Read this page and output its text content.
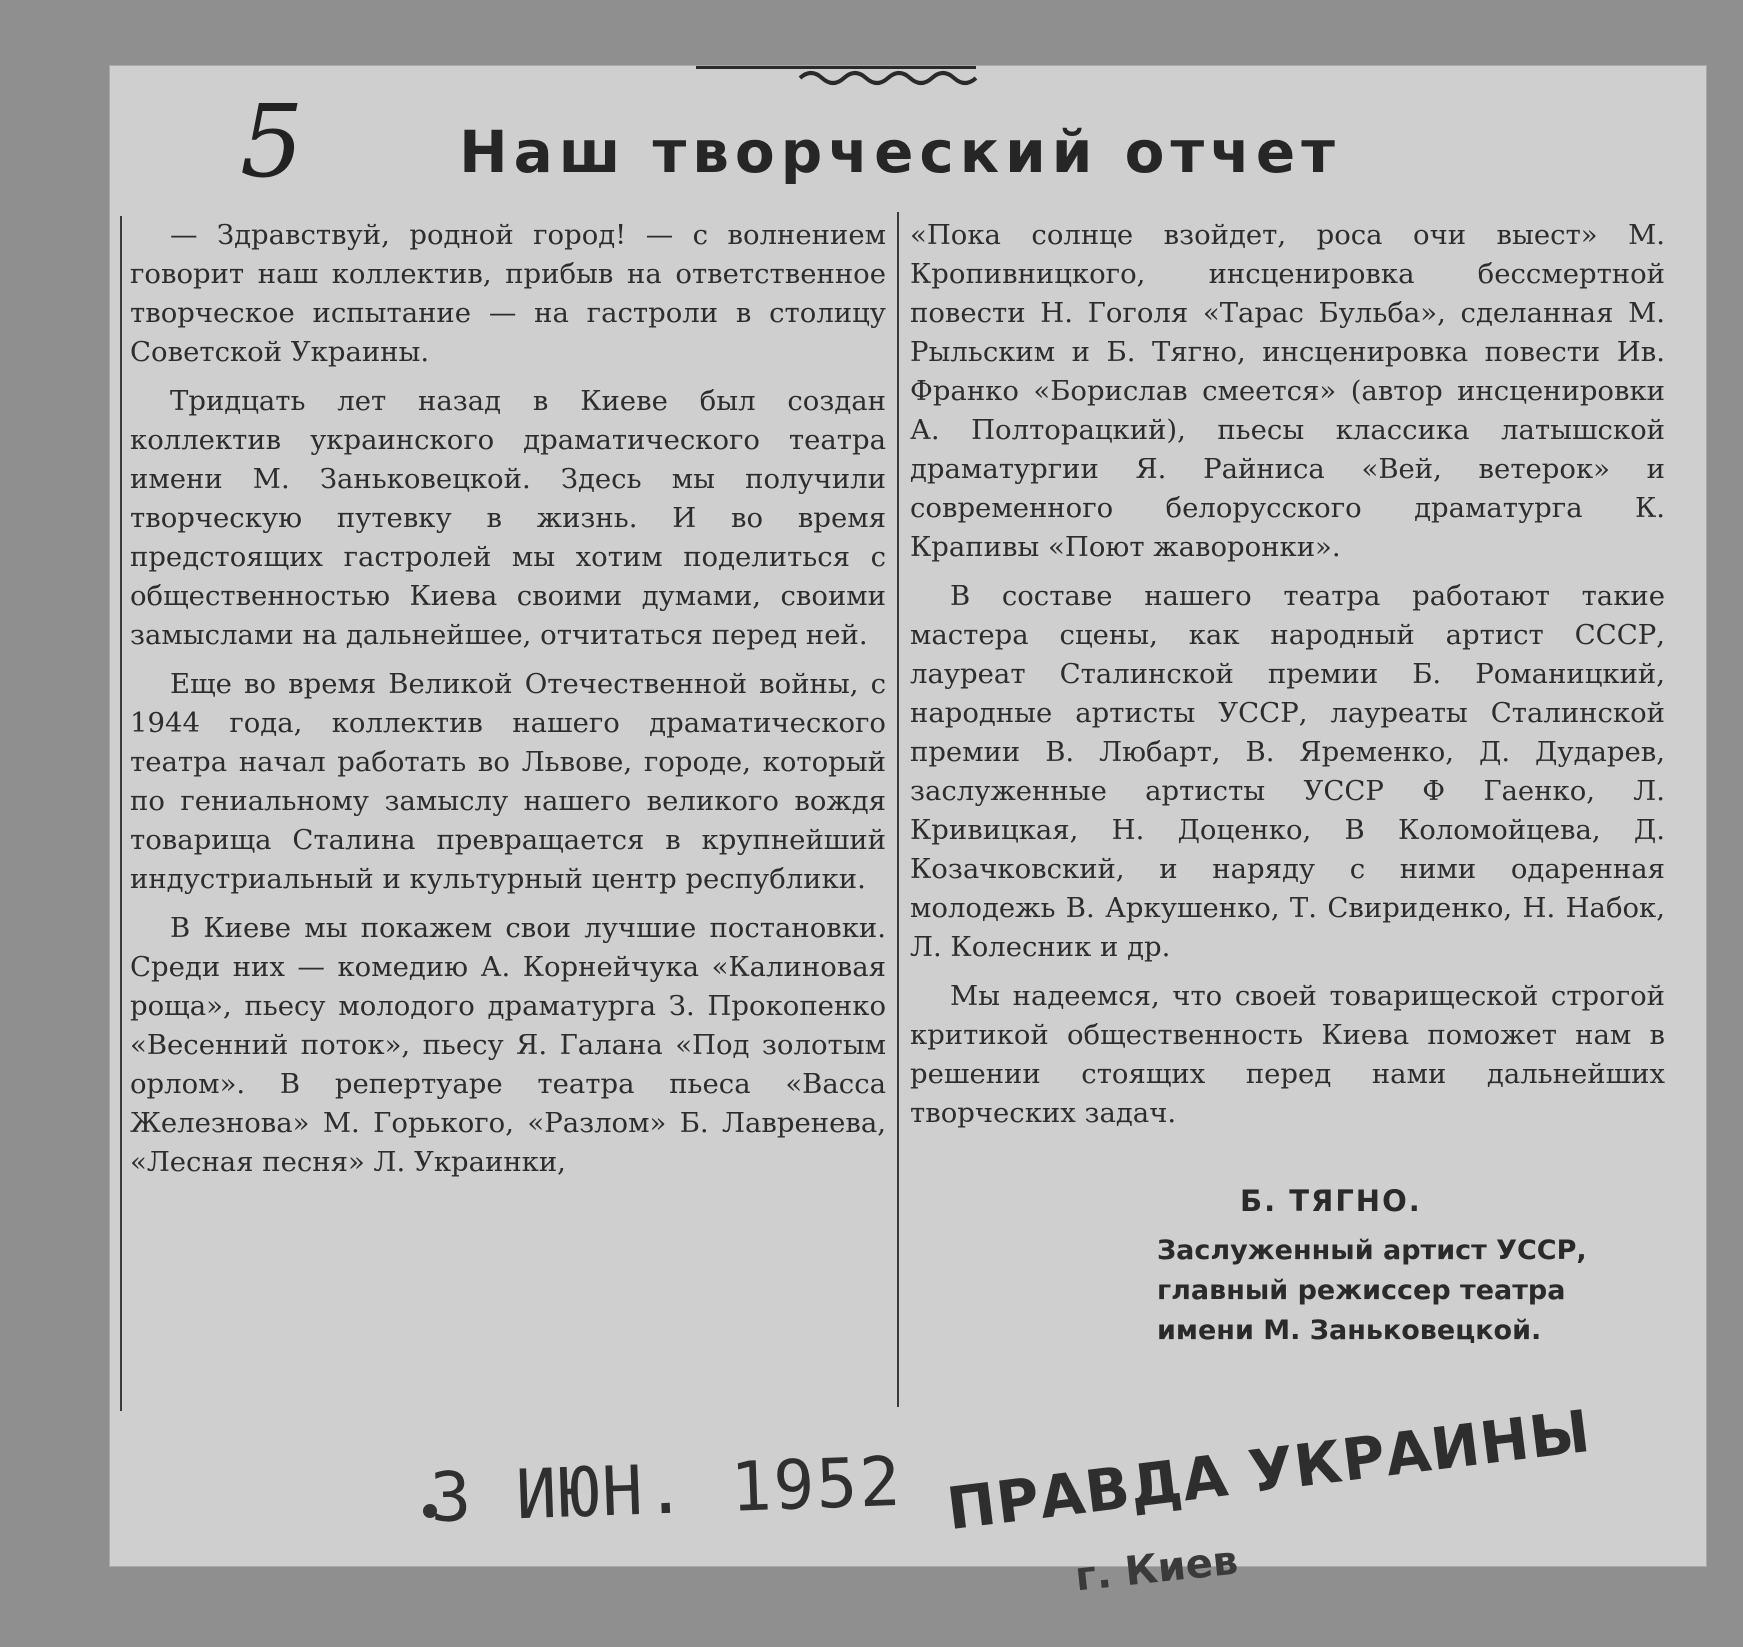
5	Наш творческий отчет

— Здравствуй, родной город! — с волнением говорит наш коллектив, прибыв на ответственное творческое испытание — на гастроли в столицу Советской Украины.

Тридцать лет назад в Киеве был создан коллектив украинского драматического театра имени М. Заньковецкой. Здесь мы получили творческую путевку в жизнь. И во время предстоящих гастролей мы хотим поделиться с общественностью Киева своими думами, своими замыслами на дальнейшее, отчитаться перед ней.

Еще во время Великой Отечественной войны, с 1944 года, коллектив нашего драматического театра начал работать во Львове, городе, который по гениальному замыслу нашего великого вождя товарища Сталина превращается в крупнейший индустриальный и культурный центр республики.

В Киеве мы покажем свои лучшие постановки. Среди них — комедию А. Корнейчука «Калиновая роща», пьесу молодого драматурга З. Прокопенко «Весенний поток», пьесу Я. Галана «Под золотым орлом». В репертуаре театра пьеса «Васса Железнова» М. Горького, «Разлом» Б. Лавренева, «Лесная песня» Л. Украинки,

«Пока солнце взойдет, роса очи выест» М. Кропивницкого, инсценировка бессмертной повести Н. Гоголя «Тарас Бульба», сделанная М. Рыльским и Б. Тягно, инсценировка повести Ив. Франко «Борислав смеется» (автор инсценировки А. Полторацкий), пьесы классика латышской драматургии Я. Райниса «Вей, ветерок» и современного белорусского драматурга К. Крапивы «Поют жаворонки».

В составе нашего театра работают такие мастера сцены, как народный артист СССР, лауреат Сталинской премии Б. Романицкий, народные артисты УССР, лауреаты Сталинской премии В. Любарт, В. Яременко, Д. Дударев, заслуженные артисты УССР Ф Гаенко, Л. Кривицкая, Н. Доценко, В Коломойцева, Д. Козачковский, и наряду с ними одаренная молодежь В. Аркушенко, Т. Свириденко, Н. Набок, Л. Колесник и др.

Мы надеемся, что своей товарищеской строгой критикой общественность Киева поможет нам в решении стоящих перед нами дальнейших творческих задач.

Б. ТЯГНО.
Заслуженный артист УССР,
главный режиссер театра
имени М. Заньковецкой.
3 ИЮН. 1952 ПРАВДА УКРАИНЫ
г. Киев
